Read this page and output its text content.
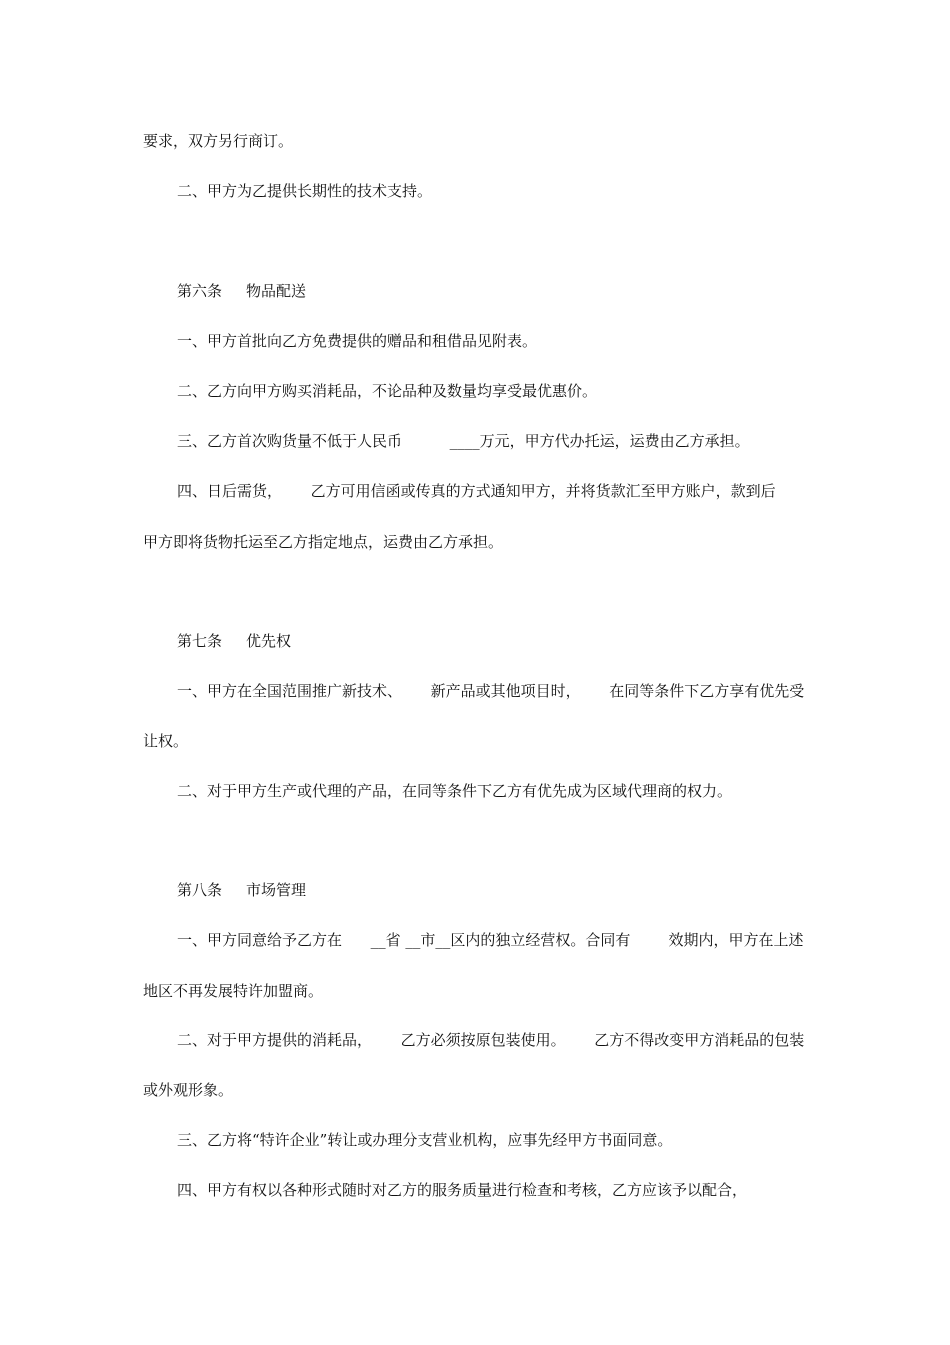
要求，双方另行商订。
二、甲方为乙提供长期性的技术支持。
第六条 物品配送
一、甲方首批向乙方免费提供的赠品和租借品见附表。
二、乙方向甲方购买消耗品，不论品种及数量均享受最优惠价。
三、乙方首次购货量不低于人民币          ____万元，甲方代办托运，运费由乙方承担。
四、日后需货，      乙方可用信函或传真的方式通知甲方，并将货款汇至甲方账户，款到后
甲方即将货物托运至乙方指定地点，运费由乙方承担。
第七条 优先权
一、甲方在全国范围推广新技术、      新产品或其他项目时，      在同等条件下乙方享有优先受
让权。
二、对于甲方生产或代理的产品，在同等条件下乙方有优先成为区域代理商的权力。
第八条 市场管理
一、甲方同意给予乙方在      __省 __市__区内的独立经营权。合同有        效期内，甲方在上述
地区不再发展特许加盟商。
二、对于甲方提供的消耗品，      乙方必须按原包装使用。      乙方不得改变甲方消耗品的包装
或外观形象。
三、乙方将“特许企业”转让或办理分支营业机构，应事先经甲方书面同意。
四、甲方有权以各种形式随时对乙方的服务质量进行检查和考核，乙方应该予以配合，
